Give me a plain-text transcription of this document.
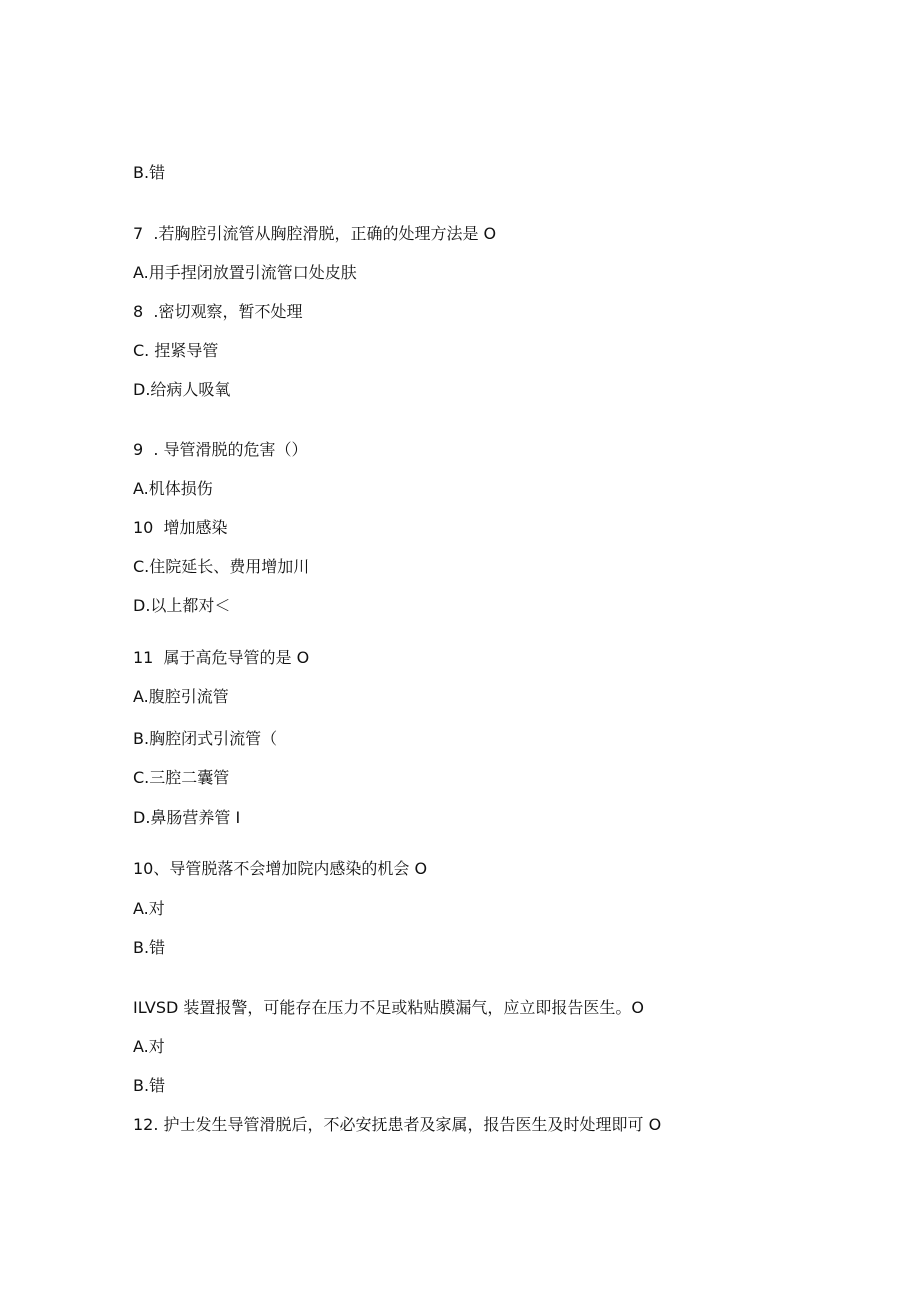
B.错
7  .若胸腔引流管从胸腔滑脱，正确的处理方法是 O
A.用手捏闭放置引流管口处皮肤
8  .密切观察，暂不处理
C. 捏紧导管
D.给病人吸氧
9  . 导管滑脱的危害（）
A.机体损伤
10  增加感染
C.住院延长、费用增加川
D.以上都对＜
11  属于高危导管的是 O
A.腹腔引流管
B.胸腔闭式引流管（
C.三腔二囊管
D.鼻肠营养管 I
10、导管脱落不会增加院内感染的机会 O
A.对
B.错
ILVSD 装置报警，可能存在压力不足或粘贴膜漏气，应立即报告医生。O
A.对
B.错
12. 护士发生导管滑脱后，不必安抚患者及家属，报告医生及时处理即可 O
